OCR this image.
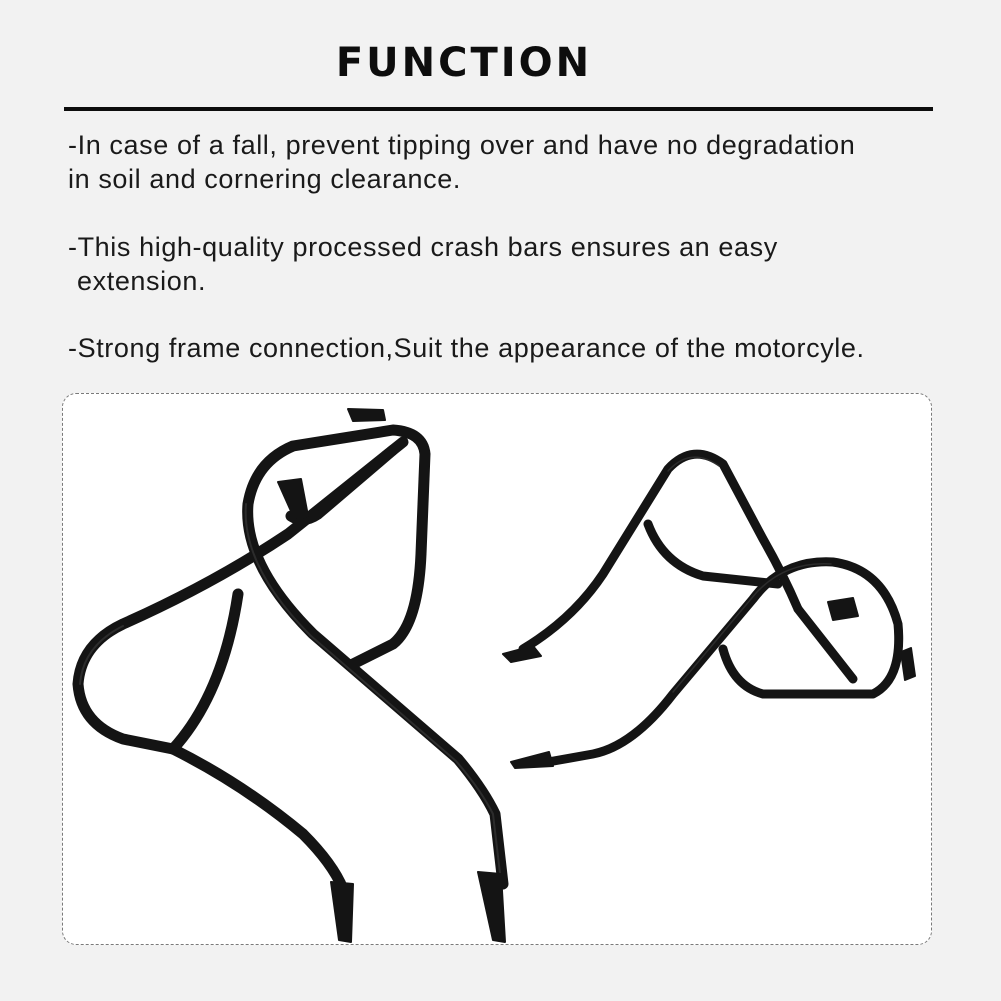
FUNCTION
-In case of a fall, prevent tipping over and have no degradation
in soil and cornering clearance.
-This high-quality processed crash bars ensures an easy
extension.
-Strong frame connection,Suit the appearance of the motorcyle.
